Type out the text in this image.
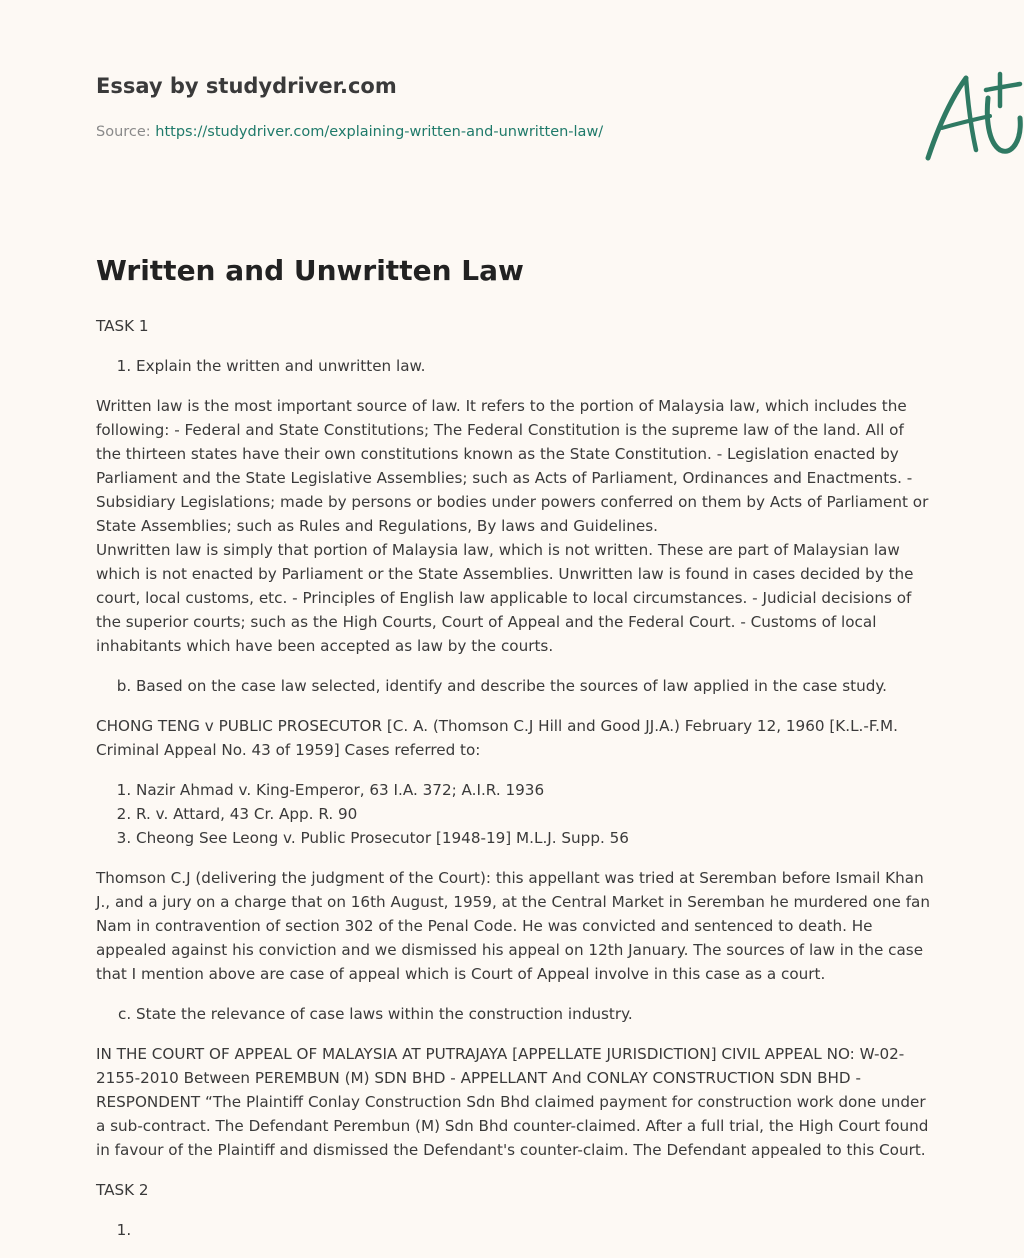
Essay by studydriver.com
Source: https://studydriver.com/explaining-written-and-unwritten-law/
Written and Unwritten Law

TASK 1

1. Explain the written and unwritten law.

Written law is the most important source of law. It refers to the portion of Malaysia law, which includes the following: - Federal and State Constitutions; The Federal Constitution is the supreme law of the land. All of the thirteen states have their own constitutions known as the State Constitution. - Legislation enacted by Parliament and the State Legislative Assemblies; such as Acts of Parliament, Ordinances and Enactments. - Subsidiary Legislations; made by persons or bodies under powers conferred on them by Acts of Parliament or State Assemblies; such as Rules and Regulations, By laws and Guidelines.

Unwritten law is simply that portion of Malaysia law, which is not written. These are part of Malaysian law which is not enacted by Parliament or the State Assemblies. Unwritten law is found in cases decided by the court, local customs, etc. - Principles of English law applicable to local circumstances. - Judicial decisions of the superior courts; such as the High Courts, Court of Appeal and the Federal Court. - Customs of local inhabitants which have been accepted as law by the courts.

b. Based on the case law selected, identify and describe the sources of law applied in the case study.

CHONG TENG v PUBLIC PROSECUTOR [C. A. (Thomson C.J Hill and Good JJ.A.) February 12, 1960 [K.L.-F.M. Criminal Appeal No. 43 of 1959] Cases referred to:

1. Nazir Ahmad v. King-Emperor, 63 I.A. 372; A.I.R. 1936
2. R. v. Attard, 43 Cr. App. R. 90
3. Cheong See Leong v. Public Prosecutor [1948-19] M.L.J. Supp. 56

Thomson C.J (delivering the judgment of the Court): this appellant was tried at Seremban before Ismail Khan J., and a jury on a charge that on 16th August, 1959, at the Central Market in Seremban he murdered one fan Nam in contravention of section 302 of the Penal Code. He was convicted and sentenced to death. He appealed against his conviction and we dismissed his appeal on 12th January. The sources of law in the case that I mention above are case of appeal which is Court of Appeal involve in this case as a court.

c. State the relevance of case laws within the construction industry.

IN THE COURT OF APPEAL OF MALAYSIA AT PUTRAJAYA [APPELLATE JURISDICTION] CIVIL APPEAL NO: W-02-2155-2010 Between PEREMBUN (M) SDN BHD - APPELLANT And CONLAY CONSTRUCTION SDN BHD - RESPONDENT “The Plaintiff Conlay Construction Sdn Bhd claimed payment for construction work done under a sub-contract. The Defendant Perembun (M) Sdn Bhd counter-claimed. After a full trial, the High Court found in favour of the Plaintiff and dismissed the Defendant's counter-claim. The Defendant appealed to this Court.

TASK 2

1.
